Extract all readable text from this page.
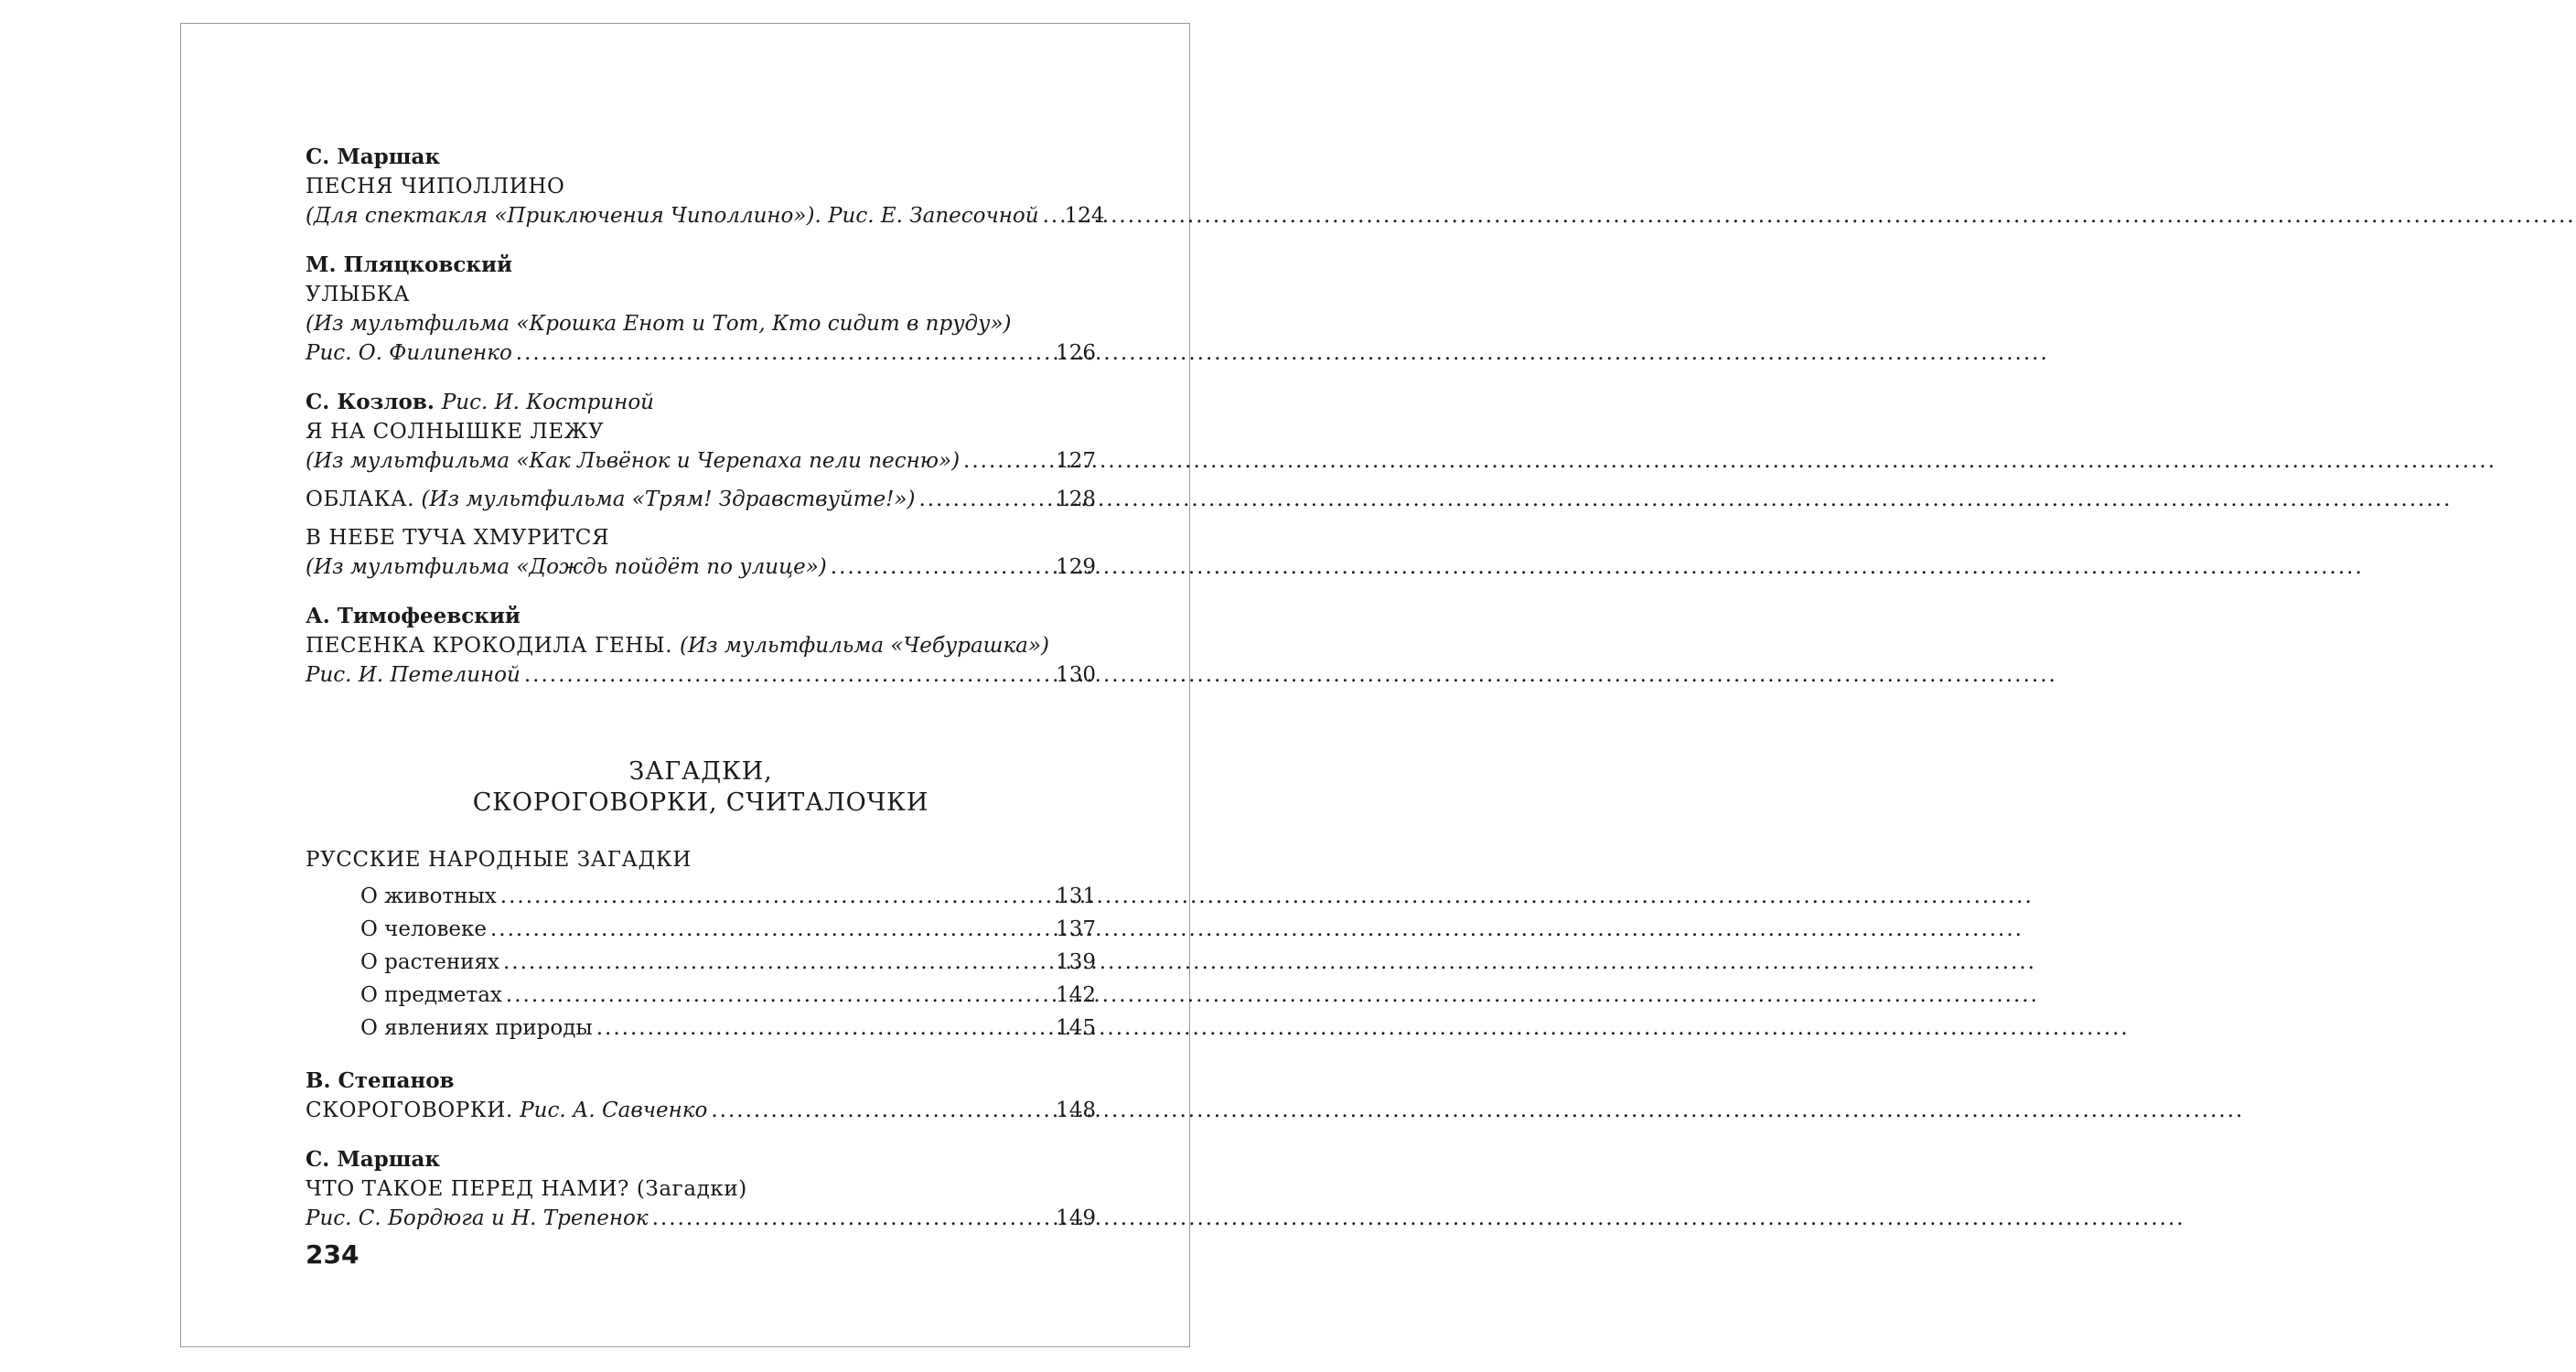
С. Маршак
ПЕСНЯ ЧИПОЛЛИНО
(Для спектакля «Приключения Чиполлино»). Рис. Е. Запесочной ..... 124
М. Пляцковский
УЛЫБКА
(Из мультфильма «Крошка Енот и Тот, Кто сидит в пруду»)
Рис. О. Филипенко .....	126
С. Козлов. Рис. И. Костриной
Я НА СОЛНЫШКЕ ЛЕЖУ
(Из мультфильма «Как Львёнок и Черепаха пели песню») .....	127
ОБЛАКА. (Из мультфильма «Трям! Здравствуйте!») .....	128
В НЕБЕ ТУЧА ХМУРИТСЯ
(Из мультфильма «Дождь пойдёт по улице») .....	129
А. Тимофеевский
ПЕСЕНКА КРОКОДИЛА ГЕНЫ. (Из мультфильма «Чебурашка»)
Рис. И. Петелиной .....	130
ЗАГАДКИ,
СКОРОГОВОРКИ, СЧИТАЛОЧКИ
РУССКИЕ НАРОДНЫЕ ЗАГАДКИ
О животных .....	131
О человеке .....	137
О растениях .....	139
О предметах .....	142
О явлениях природы .....	145
В. Степанов
СКОРОГОВОРКИ. Рис. А. Савченко .....	148
С. Маршак
ЧТО ТАКОЕ ПЕРЕД НАМИ? (Загадки)
Рис. С. Бордюга и Н. Трепенок .....	149
234
